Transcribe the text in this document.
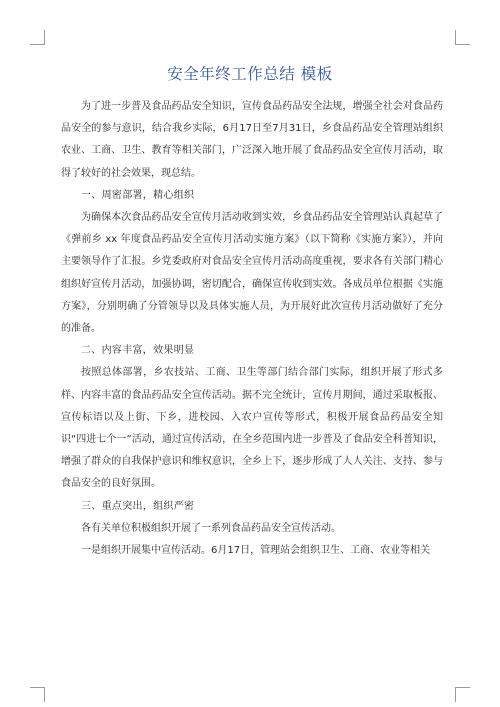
安全年终工作总结 模板

为了进一步普及食品药品安全知识，宣传食品药品安全法规，增强全社会对食品药品安全的参与意识，结合我乡实际，6月17日至7月31日，乡食品药品安全管理站组织农业、工商、卫生、教育等相关部门，广泛深入地开展了食品药品安全宣传月活动，取得了较好的社会效果，现总结。

一、周密部署，精心组织

为确保本次食品药品安全宣传月活动收到实效，乡食品药品安全管理站认真起草了《弹前乡 xx 年度食品药品安全宣传月活动实施方案》（以下简称《实施方案》），并向主要领导作了汇报。乡党委政府对食品安全宣传月活动高度重视，要求各有关部门精心组织好宣传月活动，加强协调，密切配合，确保宣传收到实效。各成员单位根据《实施方案》，分别明确了分管领导以及具体实施人员，为开展好此次宣传月活动做好了充分的准备。

二、内容丰富，效果明显

按照总体部署，乡农技站、工商、卫生等部门结合部门实际，组织开展了形式多样、内容丰富的食品药品安全宣传活动。据不完全统计，宣传月期间，通过采取板报、宣传标语以及上街、下乡，进校园、入农户宣传等形式，积极开展食品药品安全知识“四进七个一”活动，通过宣传活动，在全乡范围内进一步普及了食品安全科普知识，增强了群众的自我保护意识和维权意识，全乡上下，逐步形成了人人关注、支持、参与食品安全的良好氛围。

三、重点突出，组织严密

各有关单位积极组织开展了一系列食品药品安全宣传活动。

一是组织开展集中宣传活动。6月17日，管理站会组织卫生、工商、农业等相关
